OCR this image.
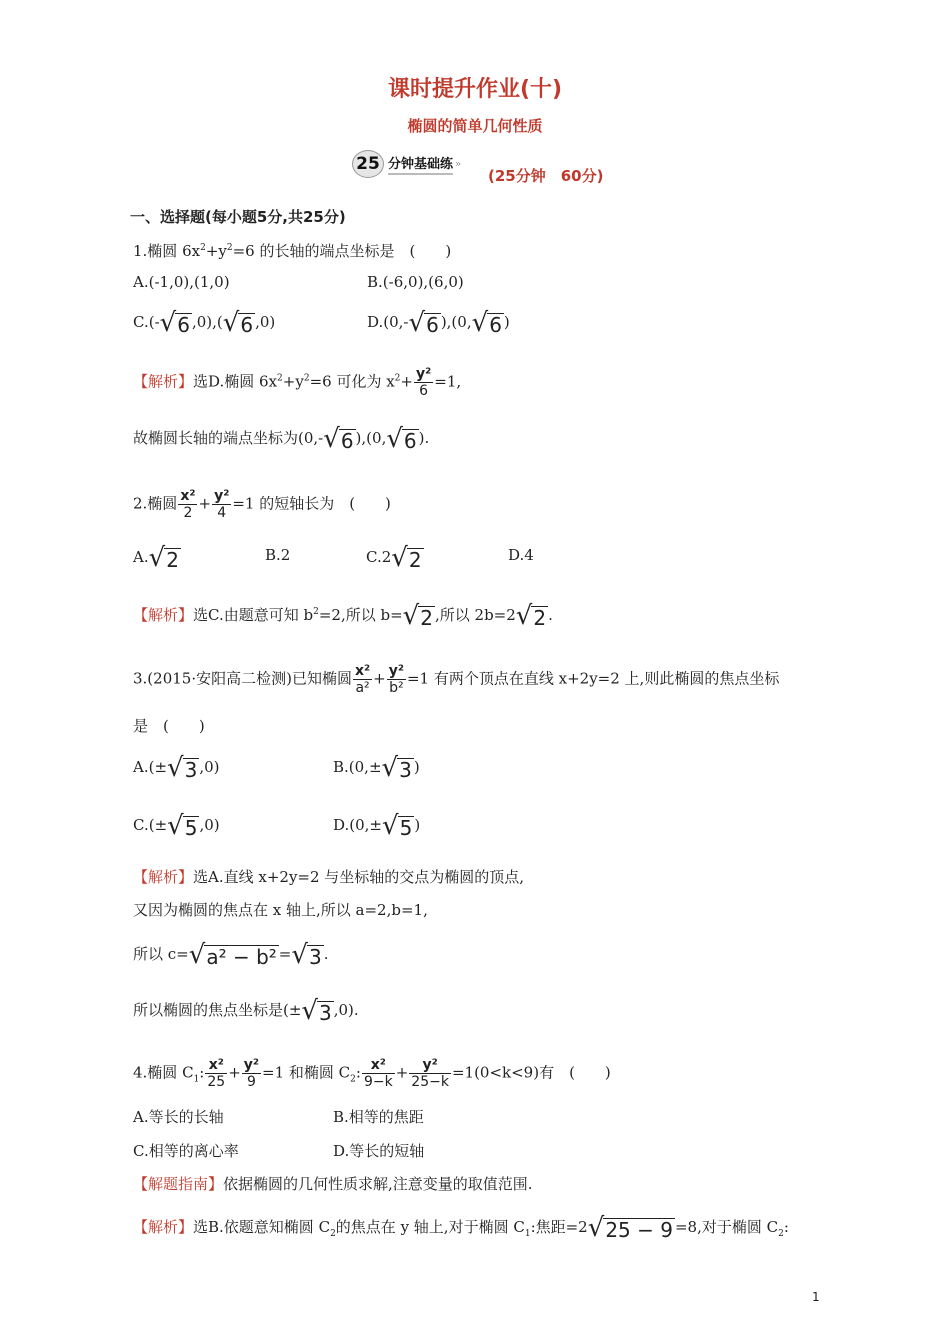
课时提升作业(十)
椭圆的简单几何性质
25 分钟基础练 »
(25分钟　60分)
一、选择题(每小题5分,共25分)
1.椭圆 $6x^2+y^2=6$ 的长轴的端点坐标是　(　　)
A.(-1,0),(1,0)	B.(-6,0),(6,0)
C.(- √ 6 ,0),( √ 6 ,0)	D.(0,- √ 6 ),(0, √ 6 )
【解析】选D.椭圆 $6x^2+y^2=6$ 可化为 $x^2+ \frac{\text{y²}}{6} =1$,
故椭圆长轴的端点坐标为(0,- √ 6 ),(0, √ 6 ).
2.椭圆 $\frac{\text{x²}}{2} + \frac{\text{y²}}{4} =1$ 的短轴长为　(　　)
A. √ 2	B.2	C.2 √ 2	D.4
【解析】选C.由题意可知 $b^2=2$,所以 b= √ 2 ,所以 2b=2 √ 2 .
3.(2015·安阳高二检测)已知椭圆 $\frac{\text{x²}}{\text{a²}} + \frac{\text{y²}}{\text{b²}} =1$ 有两个顶点在直线 x+2y=2 上,则此椭圆的焦点坐标
是　(　　)
A.(± √ 3 ,0)	B.(0,± √ 3 )
C.(± √ 5 ,0)	D.(0,± √ 5 )
【解析】选A.直线 x+2y=2 与坐标轴的交点为椭圆的顶点,
又因为椭圆的焦点在 x 轴上,所以 a=2,b=1,
所以 c= √ a² − b² = √ 3 .
所以椭圆的焦点坐标是(± √ 3 ,0).
4.椭圆 $C_1$: $\frac{\text{x²}}{25} + \frac{\text{y²}}{9} =1$ 和椭圆 $C_2$: $\frac{\text{x²}}{9-k} + \frac{\text{y²}}{25-k} =1(0<k<9)$有　(　　)
A.等长的长轴	B.相等的焦距
C.相等的离心率	D.等长的短轴
【解题指南】依据椭圆的几何性质求解,注意变量的取值范围.
【解析】选B.依题意知椭圆 $C_2$的焦点在 y 轴上,对于椭圆 $C_1$:焦距=2 √ 25 − 9 =8,对于椭圆 $C_2$:
1
